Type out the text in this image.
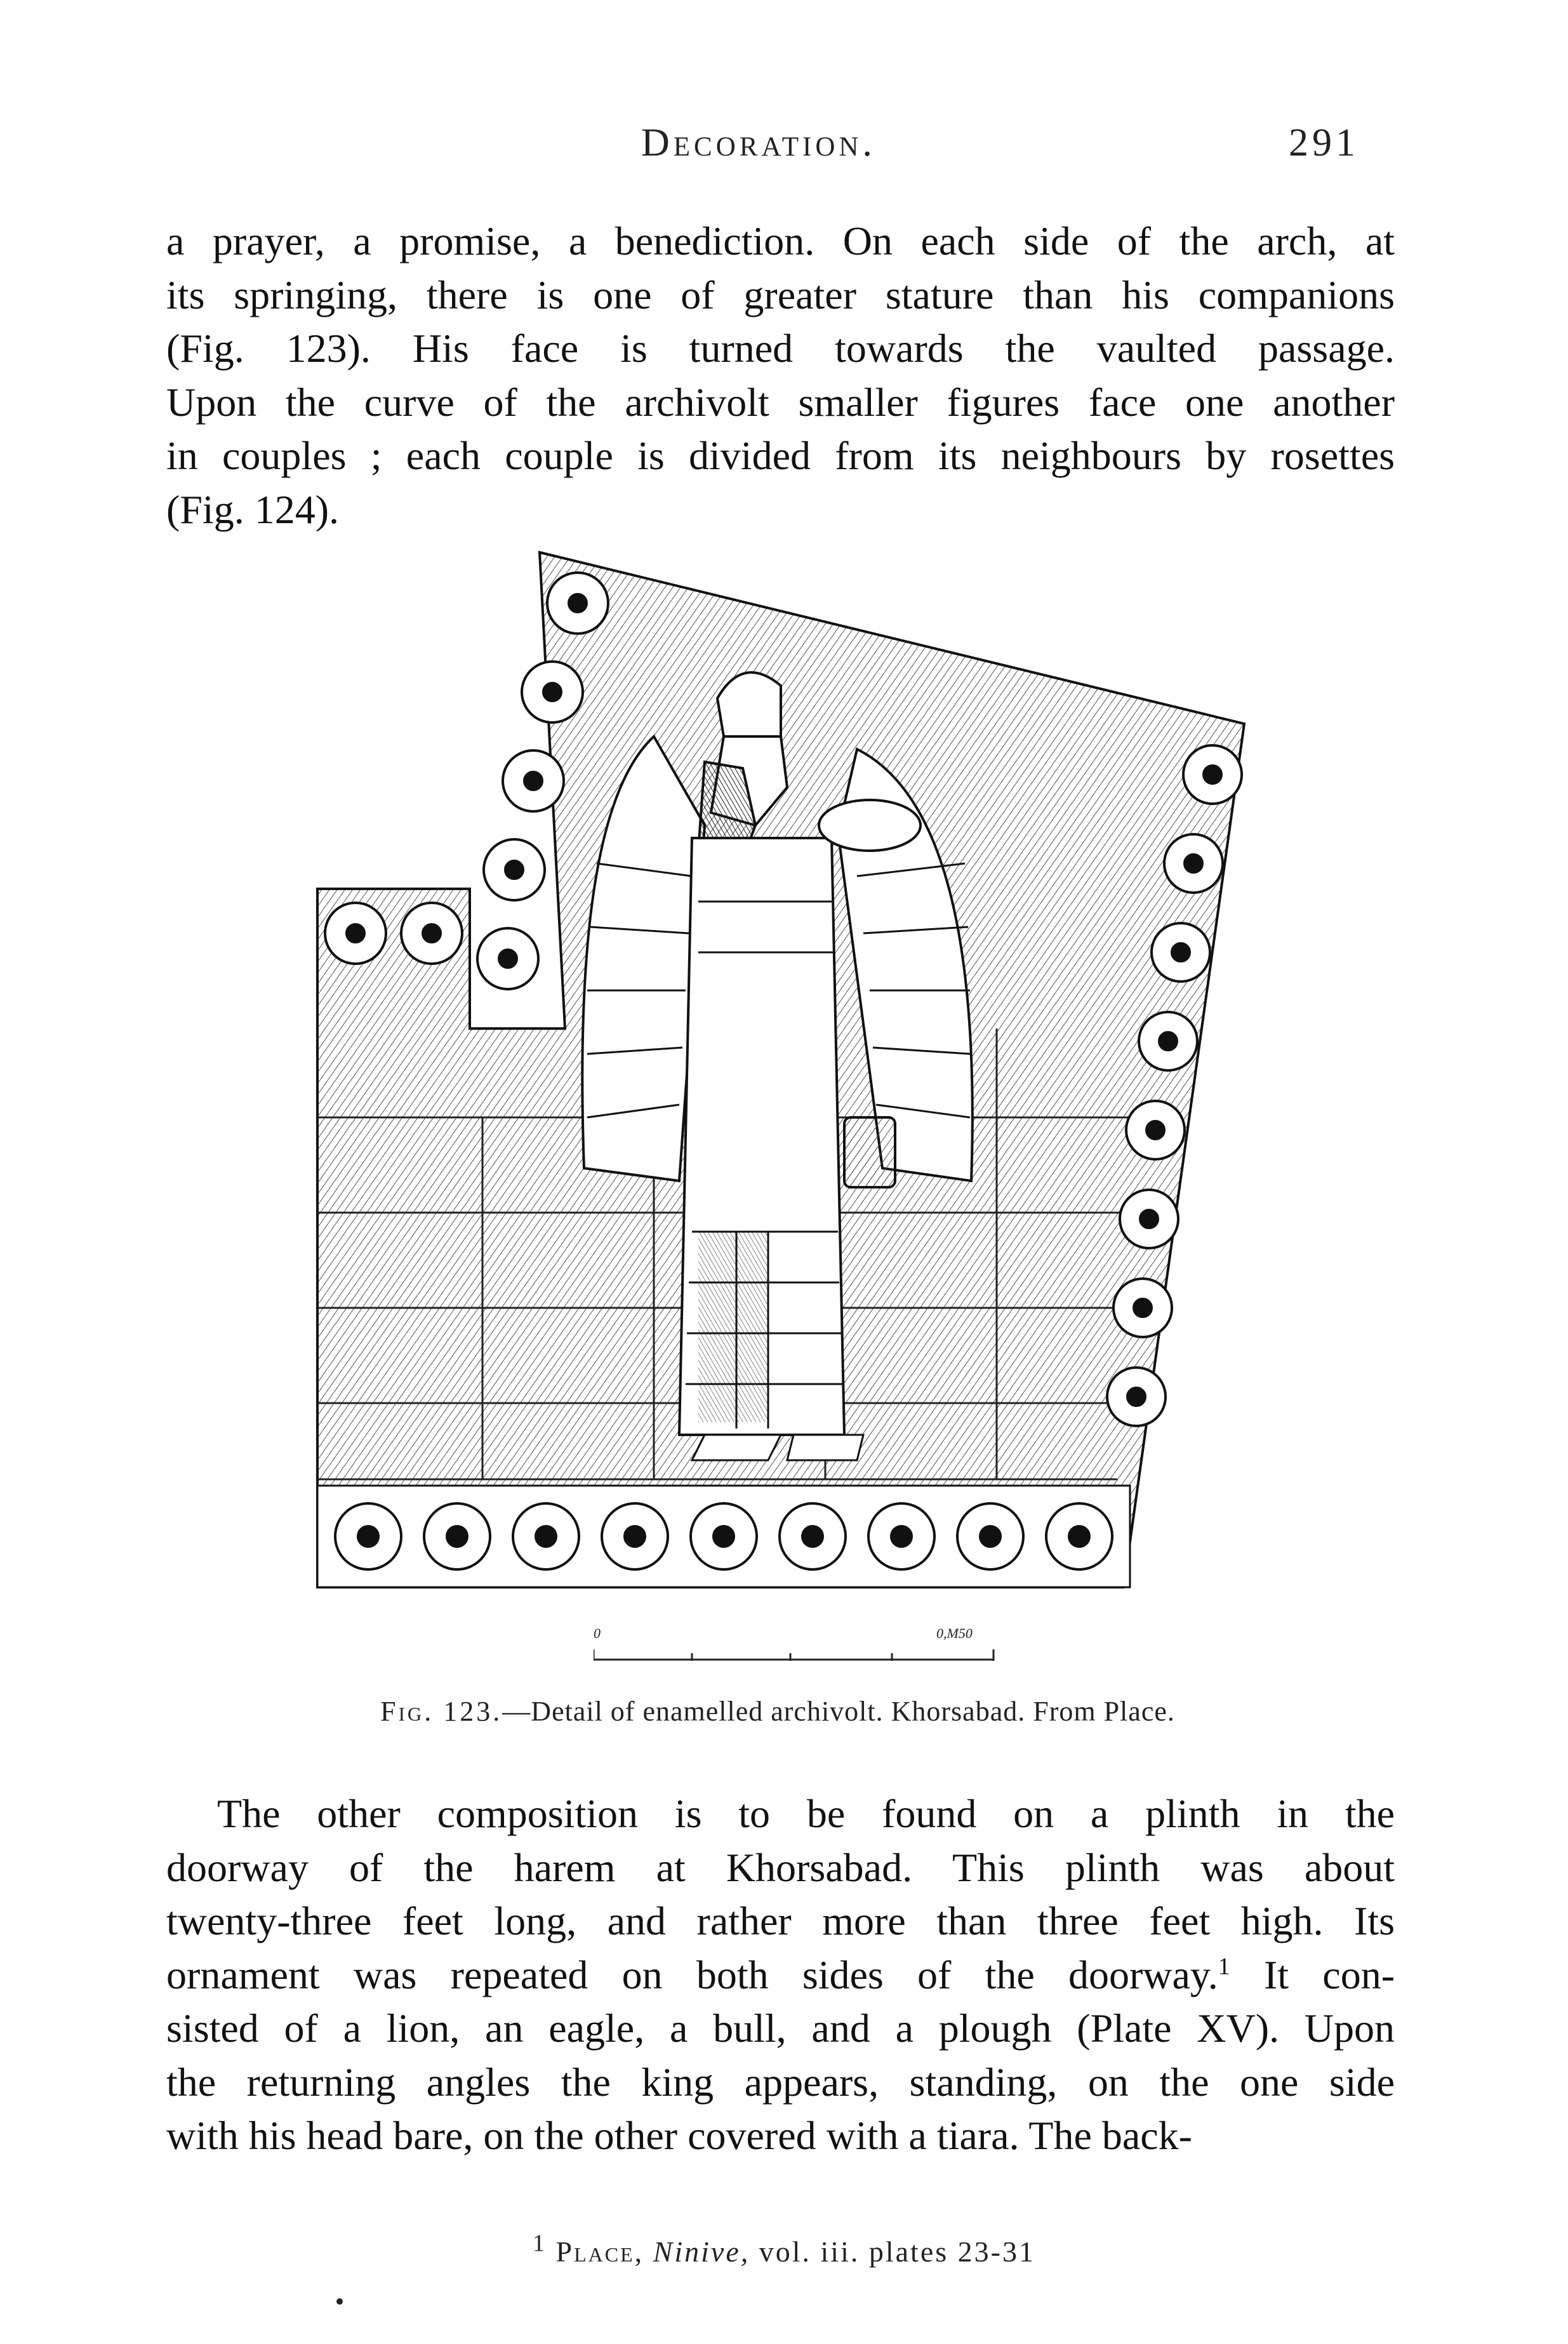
Decoration.	291

a prayer, a promise, a benediction. On each side of the arch, at

its springing, there is one of greater stature than his companions

(Fig. 123). His face is turned towards the vaulted passage.

Upon the curve of the archivolt smaller figures face one another

in couples ; each couple is divided from its neighbours by rosettes

(Fig. 124).

0	0,M50
Fig. 123.—Detail of enamelled archivolt. Khorsabad. From Place.

The other composition is to be found on a plinth in the

doorway of the harem at Khorsabad. This plinth was about

twenty-three feet long, and rather more than three feet high. Its

ornament was repeated on both sides of the doorway.$^1$ It con-

sisted of a lion, an eagle, a bull, and a plough (Plate XV). Upon

the returning angles the king appears, standing, on the one side

with his head bare, on the other covered with a tiara. The back-

$^1$ Place, Ninive, vol. iii. plates 23-31
